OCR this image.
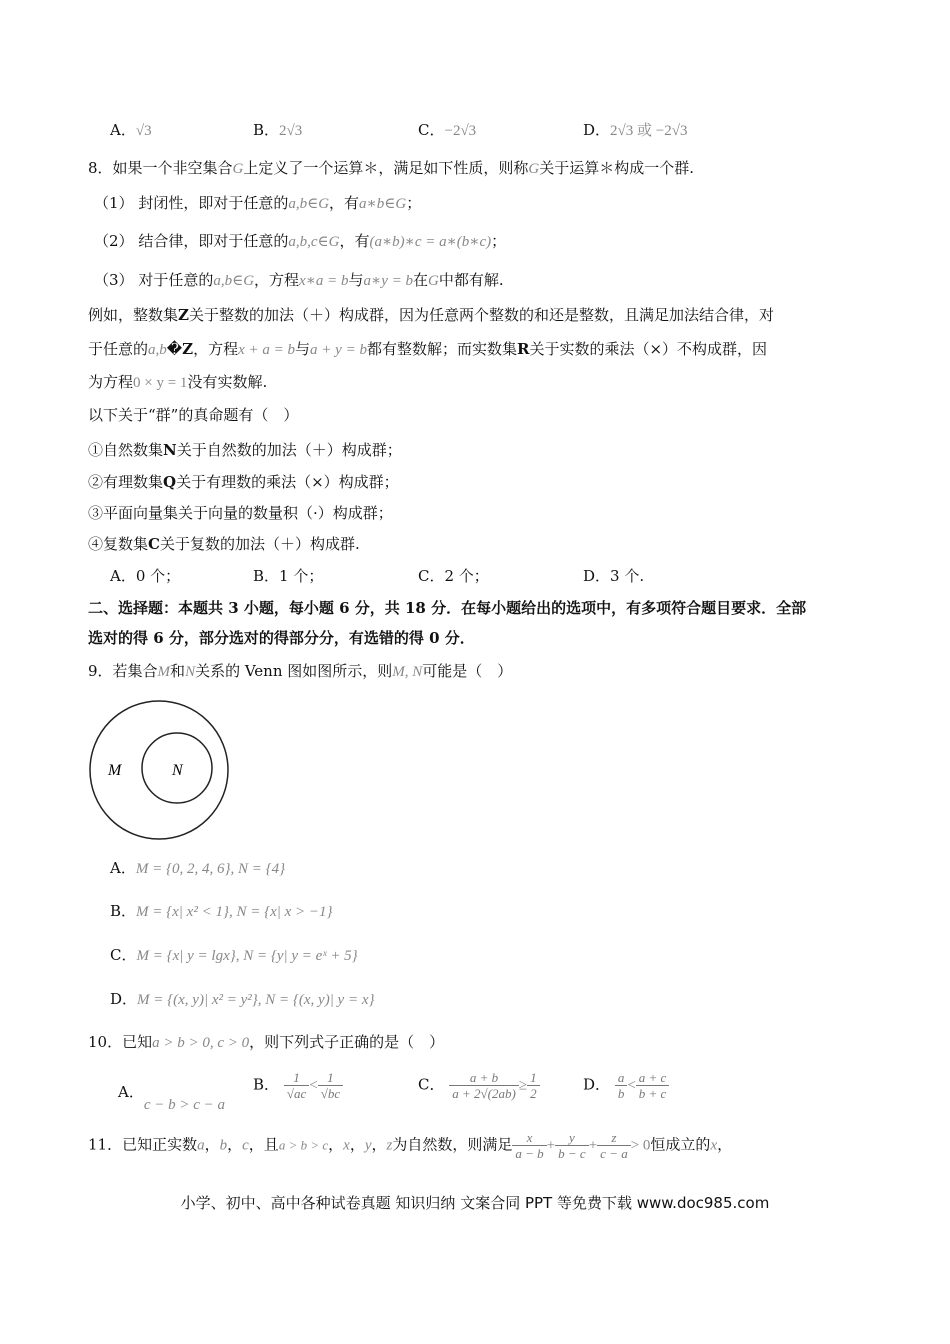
A．√3	B．2√3	C．−2√3	D．2√3 或 −2√3
8．如果一个非空集合G上定义了一个运算＊，满足如下性质，则称G关于运算＊构成一个群.
（1） 封闭性，即对于任意的a,b∈G，有a∗b∈G；
（2） 结合律，即对于任意的a,b,c∈G，有(a∗b)∗c = a∗(b∗c)；
（3） 对于任意的a,b∈G，方程x∗a = b与a∗y = b在G中都有解.
例如，整数集Z关于整数的加法（＋）构成群，因为任意两个整数的和还是整数，且满足加法结合律，对
于任意的a,b�Z，方程x + a = b与a + y = b都有整数解；而实数集R关于实数的乘法（×）不构成群，因
为方程0 × y = 1没有实数解.
以下关于“群”的真命题有（　）
①自然数集N关于自然数的加法（＋）构成群；
②有理数集Q关于有理数的乘法（×）构成群；
③平面向量集关于向量的数量积（·）构成群；
④复数集C关于复数的加法（＋）构成群.
A．0 个；	B．1 个；	C．2 个；	D．3 个.
二、选择题：本题共 3 小题，每小题 6 分，共 18 分．在每小题给出的选项中，有多项符合题目要求．全部
选对的得 6 分，部分选对的得部分分，有选错的得 0 分．
9．若集合M和N关系的 Venn 图如图所示，则M, N可能是（　）
M	N
A．M = {0, 2, 4, 6}, N = {4}
B．M = {x| x² < 1}, N = {x| x > −1}
C．M = {x| y = lgx}, N = {y| y = eˣ + 5}
D．M = {(x, y)| x² = y²}, N = {(x, y)| y = x}
10．已知a > b > 0, c > 0，则下列式子正确的是（　）
A．c − b > c − a
B． $\frac{1}{√ac} < \frac{1}{√bc}$	C． $\frac{a + b}{a + 2√(2ab)} \ge \frac{1}{2}$	D． $\frac{a}{b} < \frac{a + c}{b + c}$
11．已知正实数a，b，c，且a > b > c，x，y，z为自然数，则满足 $\frac{x}{a - b} + \frac{y}{b - c} + \frac{z}{c - a} > 0$恒成立的x，
小学、初中、高中各种试卷真题 知识归纳 文案合同 PPT 等免费下载 www.doc985.com
